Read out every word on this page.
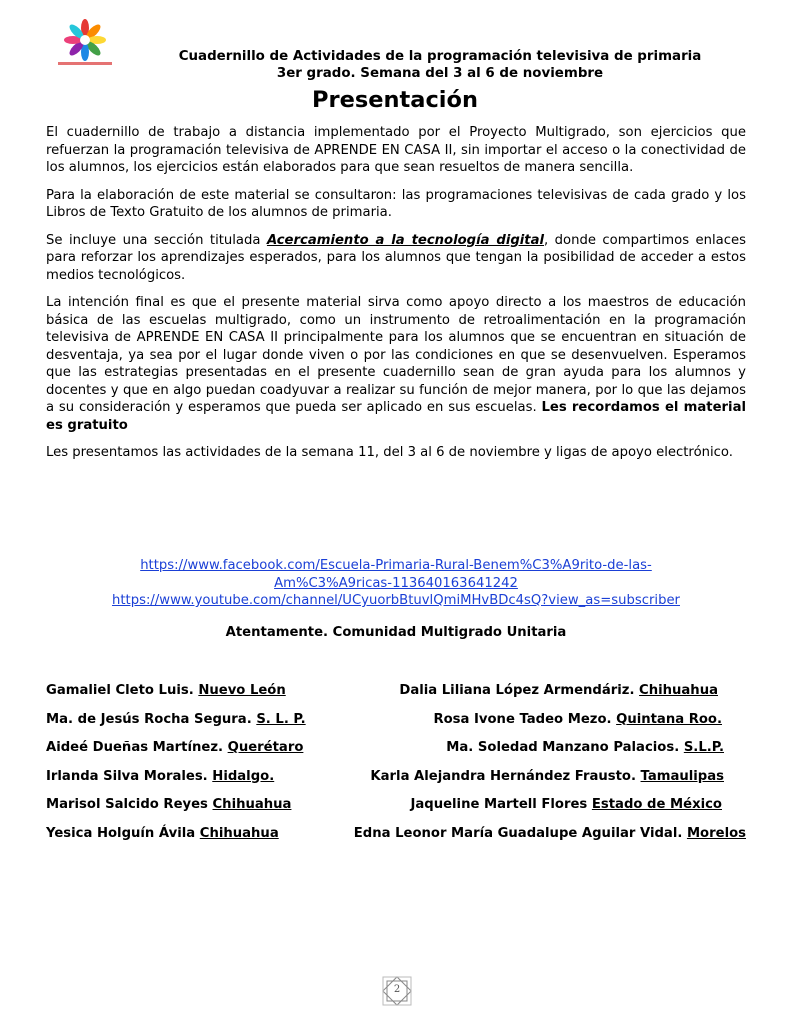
Cuadernillo de Actividades de la programación televisiva de primaria
3er grado. Semana del 3 al 6 de noviembre
Presentación

El cuadernillo de trabajo a distancia implementado por el Proyecto Multigrado, son ejercicios que refuerzan la programación televisiva de APRENDE EN CASA II, sin importar el acceso o la conectividad de los alumnos, los ejercicios están elaborados para que sean resueltos de manera sencilla.

Para la elaboración de este material se consultaron: las programaciones televisivas de cada grado y los Libros de Texto Gratuito de los alumnos de primaria.

Se incluye una sección titulada Acercamiento a la tecnología digital, donde compartimos enlaces para reforzar los aprendizajes esperados, para los alumnos que tengan la posibilidad de acceder a estos medios tecnológicos.

La intención final es que el presente material sirva como apoyo directo a los maestros de educación básica de las escuelas multigrado, como un instrumento de retroalimentación en la programación televisiva de APRENDE EN CASA II principalmente para los alumnos que se encuentran en situación de desventaja, ya sea por el lugar donde viven o por las condiciones en que se desenvuelven. Esperamos que las estrategias presentadas en el presente cuadernillo sean de gran ayuda para los alumnos y docentes y que en algo puedan coadyuvar a realizar su función de mejor manera, por lo que las dejamos a su consideración y esperamos que pueda ser aplicado en sus escuelas. Les recordamos el material es gratuito

Les presentamos las actividades de la semana 11, del 3 al 6 de noviembre y ligas de apoyo electrónico.

https://www.facebook.com/Escuela-Primaria-Rural-Benem%C3%A9rito-de-las-
Am%C3%A9ricas-113640163641242
https://www.youtube.com/channel/UCyuorbBtuvlQmiMHvBDc4sQ?view_as=subscriber
Atentamente. Comunidad Multigrado Unitaria
Gamaliel Cleto Luis. Nuevo León	Dalia Liliana López Armendáriz. Chihuahua
Ma. de Jesús Rocha Segura. S. L. P.	Rosa Ivone Tadeo Mezo. Quintana Roo.
Aideé Dueñas Martínez. Querétaro	Ma. Soledad Manzano Palacios. S.L.P.
Irlanda Silva Morales. Hidalgo.	Karla Alejandra Hernández Frausto. Tamaulipas
Marisol Salcido Reyes Chihuahua	Jaqueline Martell Flores Estado de México
Yesica Holguín Ávila Chihuahua	Edna Leonor María Guadalupe Aguilar Vidal. Morelos
2
